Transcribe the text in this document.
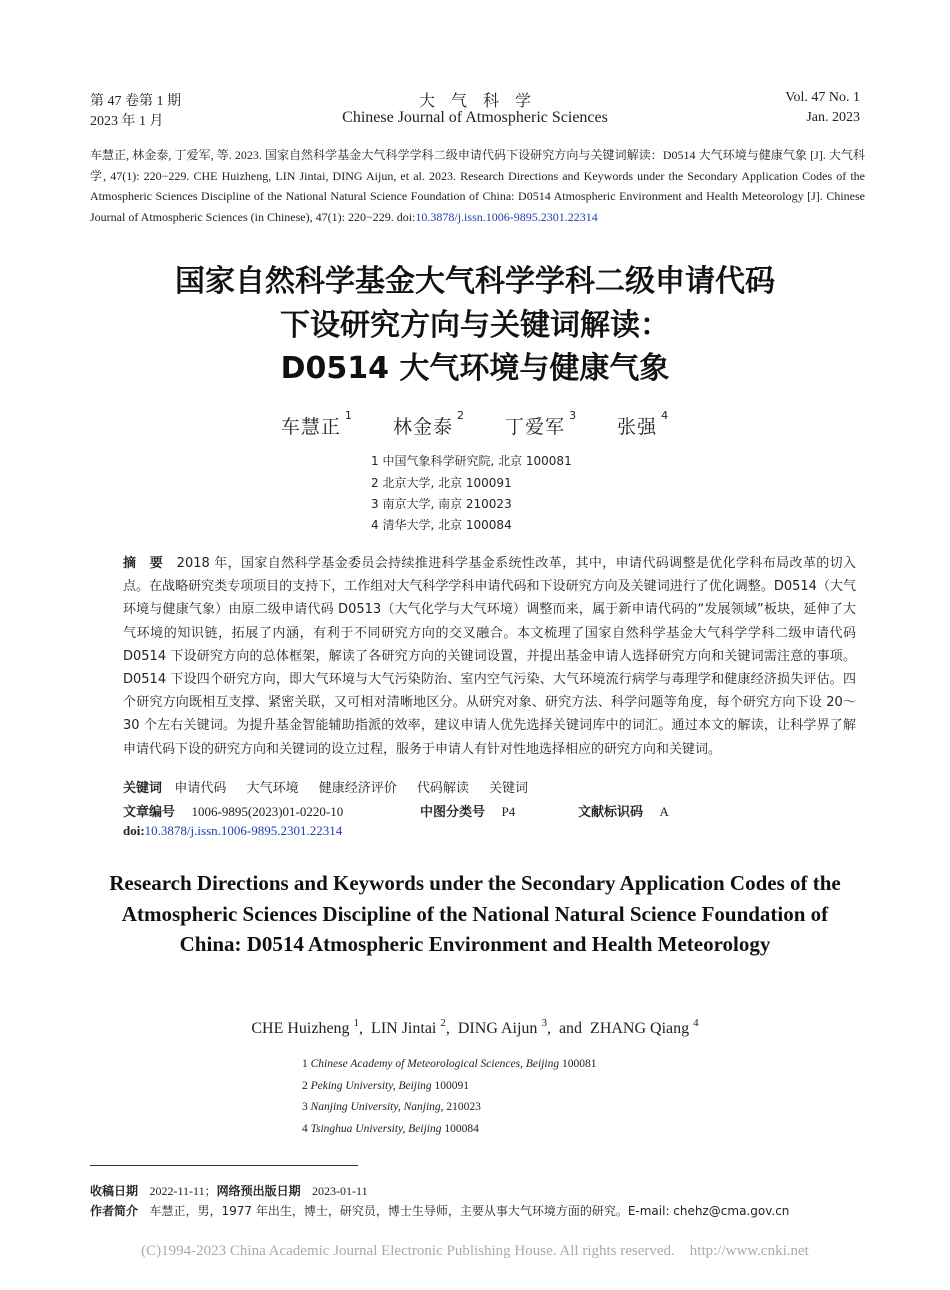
第 47 卷第 1 期
2023 年 1 月
大　气　科　学
Chinese Journal of Atmospheric Sciences
Vol. 47 No. 1
Jan. 2023
车慧正, 林金泰, 丁爱军, 等. 2023. 国家自然科学基金大气科学学科二级申请代码下设研究方向与关键词解读：D0514 大气环境与健康气象 [J]. 大气科学, 47(1): 220−229. CHE Huizheng, LIN Jintai, DING Aijun, et al. 2023. Research Directions and Keywords under the Secondary Application Codes of the Atmospheric Sciences Discipline of the National Natural Science Foundation of China: D0514 Atmospheric Environment and Health Meteorology [J]. Chinese Journal of Atmospheric Sciences (in Chinese), 47(1): 220−229. doi:10.3878/j.issn.1006-9895.2301.22314
国家自然科学基金大气科学学科二级申请代码
下设研究方向与关键词解读：
D0514 大气环境与健康气象
车慧正$^1$  林金泰$^2$  丁爱军$^3$  张强$^4$
1 中国气象科学研究院, 北京 100081
2 北京大学, 北京 100091
3 南京大学, 南京 210023
4 清华大学, 北京 100084
摘　要 2018 年，国家自然科学基金委员会持续推进科学基金系统性改革，其中，申请代码调整是优化学科布局改革的切入点。在战略研究类专项项目的支持下，工作组对大气科学学科申请代码和下设研究方向及关键词进行了优化调整。D0514（大气环境与健康气象）由原二级申请代码 D0513（大气化学与大气环境）调整而来，属于新申请代码的“发展领域”板块，延伸了大气环境的知识链，拓展了内涵，有利于不同研究方向的交叉融合。本文梳理了国家自然科学基金大气科学学科二级申请代码 D0514 下设研究方向的总体框架，解读了各研究方向的关键词设置，并提出基金申请人选择研究方向和关键词需注意的事项。D0514 下设四个研究方向，即大气环境与大气污染防治、室内空气污染、大气环境流行病学与毒理学和健康经济损失评估。四个研究方向既相互支撑、紧密关联，又可相对清晰地区分。从研究对象、研究方法、科学问题等角度，每个研究方向下设 20～30 个左右关键词。为提升基金智能辅助指派的效率，建议申请人优先选择关键词库中的词汇。通过本文的解读，让科学界了解申请代码下设的研究方向和关键词的设立过程，服务于申请人有针对性地选择相应的研究方向和关键词。
关键词 申请代码 大气环境 健康经济评价 代码解读 关键词
文章编号 1006-9895(2023)01-0220-10	中图分类号 P4	文献标识码 A
doi:10.3878/j.issn.1006-9895.2301.22314
Research Directions and Keywords under the Secondary Application Codes of the Atmospheric Sciences Discipline of the National Natural Science Foundation of China: D0514 Atmospheric Environment and Health Meteorology
CHE Huizheng $^1$,  LIN Jintai $^2$,  DING Aijun $^3$,  and  ZHANG Qiang $^4$
1 Chinese Academy of Meteorological Sciences, Beijing 100081
2 Peking University, Beijing 100091
3 Nanjing University, Nanjing, 210023
4 Tsinghua University, Beijing 100084
收稿日期 2022-11-11；网络预出版日期 2023-01-11
作者简介 车慧正，男，1977 年出生，博士，研究员，博士生导师，主要从事大气环境方面的研究。E-mail: chehz@cma.gov.cn
(C)1994-2023 China Academic Journal Electronic Publishing House. All rights reserved.    http://www.cnki.net
